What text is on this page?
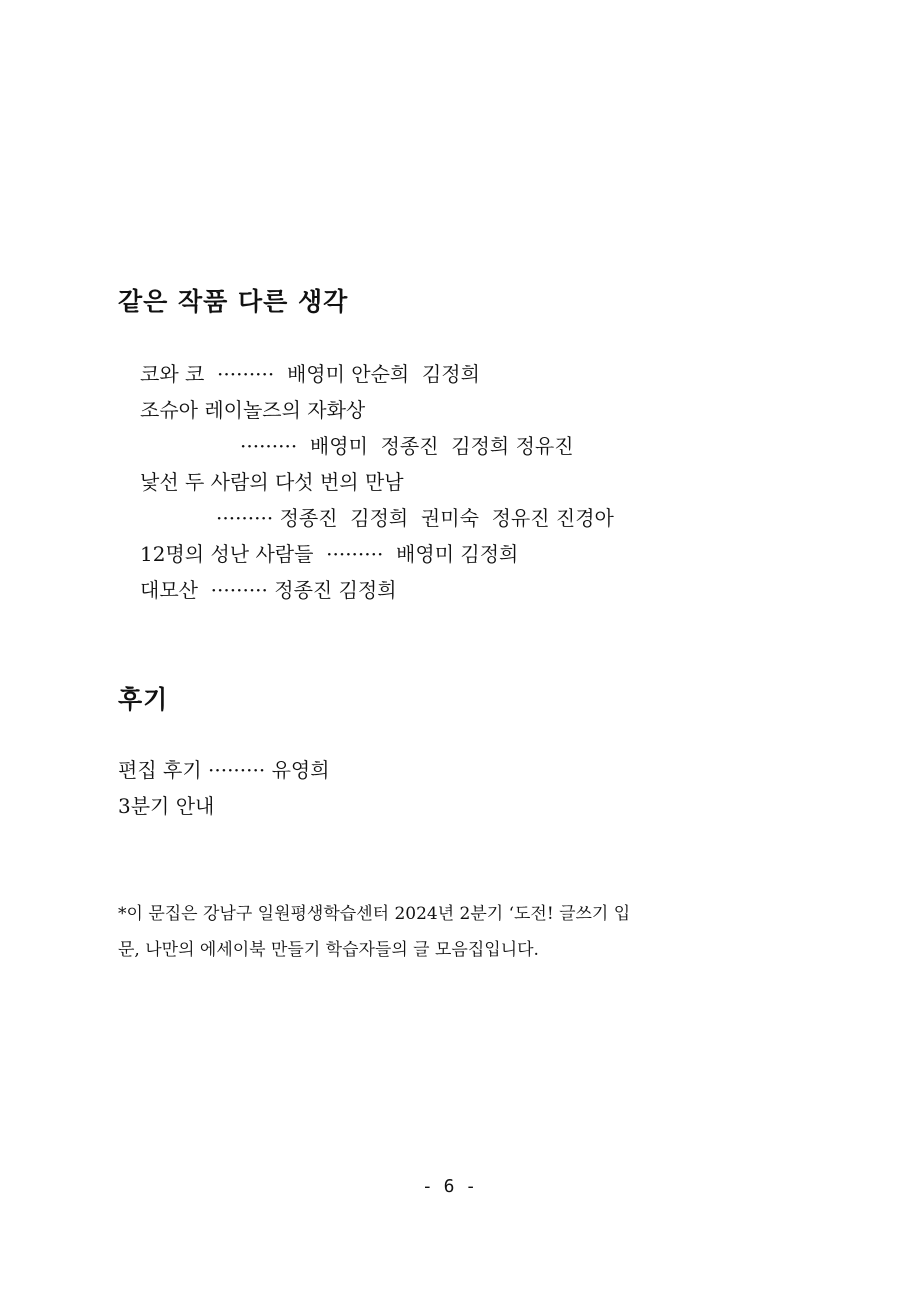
같은 작품 다른 생각

코와 코  ·········  배영미 안순희  김정희

조슈아 레이놀즈의 자화상

·········  배영미  정종진  김정희 정유진

낯선 두 사람의 다섯 번의 만남

········· 정종진  김정희  권미숙  정유진 진경아

12명의 성난 사람들  ·········  배영미 김정희

대모산  ········· 정종진 김정희

후기

편집 후기 ········· 유영희

3분기 안내

*이 문집은 강남구 일원평생학습센터 2024년 2분기 ‘도전! 글쓰기 입

문, 나만의 에세이북 만들기 학습자들의 글 모음집입니다.

- 6 -
